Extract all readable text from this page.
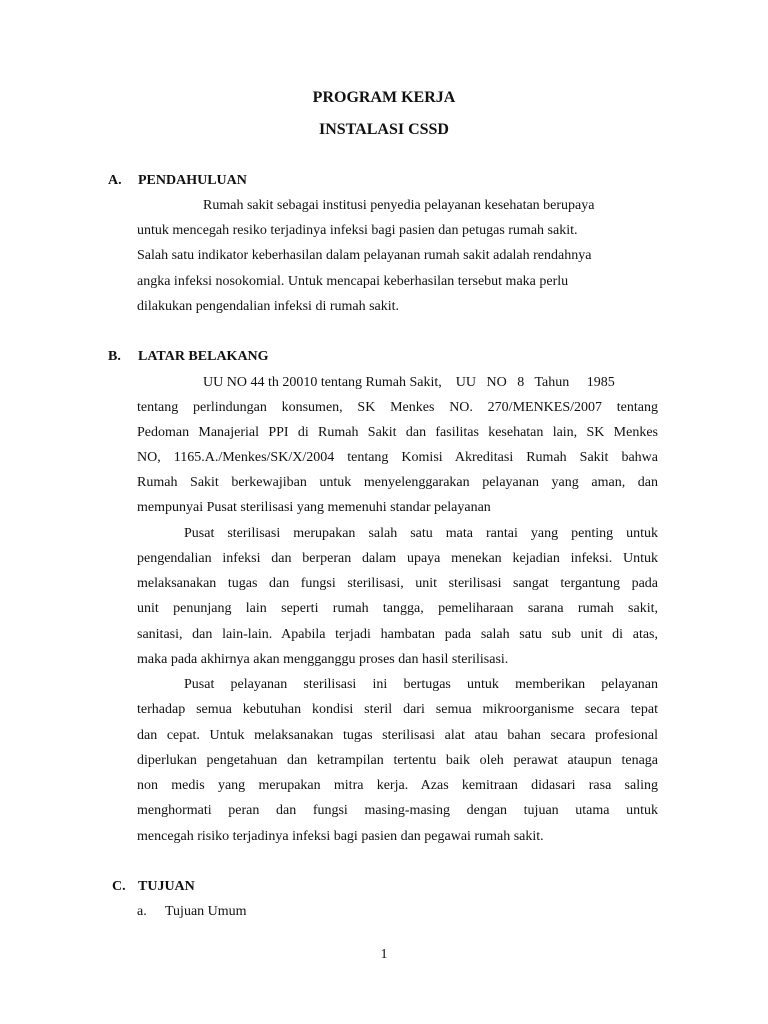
PROGRAM KERJA
INSTALASI CSSD
A. PENDAHULUAN
Rumah sakit sebagai institusi penyedia pelayanan kesehatan berupaya
untuk mencegah resiko terjadinya infeksi bagi pasien dan petugas rumah sakit.
Salah satu indikator keberhasilan dalam pelayanan rumah sakit adalah rendahnya
angka infeksi nosokomial. Untuk mencapai keberhasilan tersebut maka perlu
dilakukan pengendalian infeksi di rumah sakit.
B. LATAR BELAKANG
UU NO 44 th 20010 tentang Rumah Sakit,    UU   NO   8   Tahun     1985
tentang perlindungan konsumen, SK Menkes NO. 270/MENKES/2007 tentang
Pedoman Manajerial PPI di Rumah Sakit dan fasilitas kesehatan lain, SK Menkes
NO, 1165.A./Menkes/SK/X/2004 tentang Komisi Akreditasi Rumah Sakit bahwa
Rumah Sakit berkewajiban untuk menyelenggarakan pelayanan yang aman, dan
mempunyai Pusat sterilisasi yang memenuhi standar pelayanan
Pusat sterilisasi merupakan salah satu mata rantai yang penting untuk
pengendalian infeksi dan berperan dalam upaya menekan kejadian infeksi. Untuk
melaksanakan tugas dan fungsi sterilisasi, unit sterilisasi sangat tergantung pada
unit penunjang lain seperti rumah tangga, pemeliharaan sarana rumah sakit,
sanitasi, dan lain-lain. Apabila terjadi hambatan pada salah satu sub unit di atas,
maka pada akhirnya akan mengganggu proses dan hasil sterilisasi.
Pusat pelayanan sterilisasi ini bertugas untuk memberikan pelayanan
terhadap semua kebutuhan kondisi steril dari semua mikroorganisme secara tepat
dan cepat. Untuk melaksanakan tugas sterilisasi alat atau bahan secara profesional
diperlukan pengetahuan dan ketrampilan tertentu baik oleh perawat ataupun tenaga
non medis yang merupakan mitra kerja. Azas kemitraan didasari rasa saling
menghormati peran dan fungsi masing-masing dengan tujuan utama untuk
mencegah risiko terjadinya infeksi bagi pasien dan pegawai rumah sakit.
C. TUJUAN
a. Tujuan Umum
1
